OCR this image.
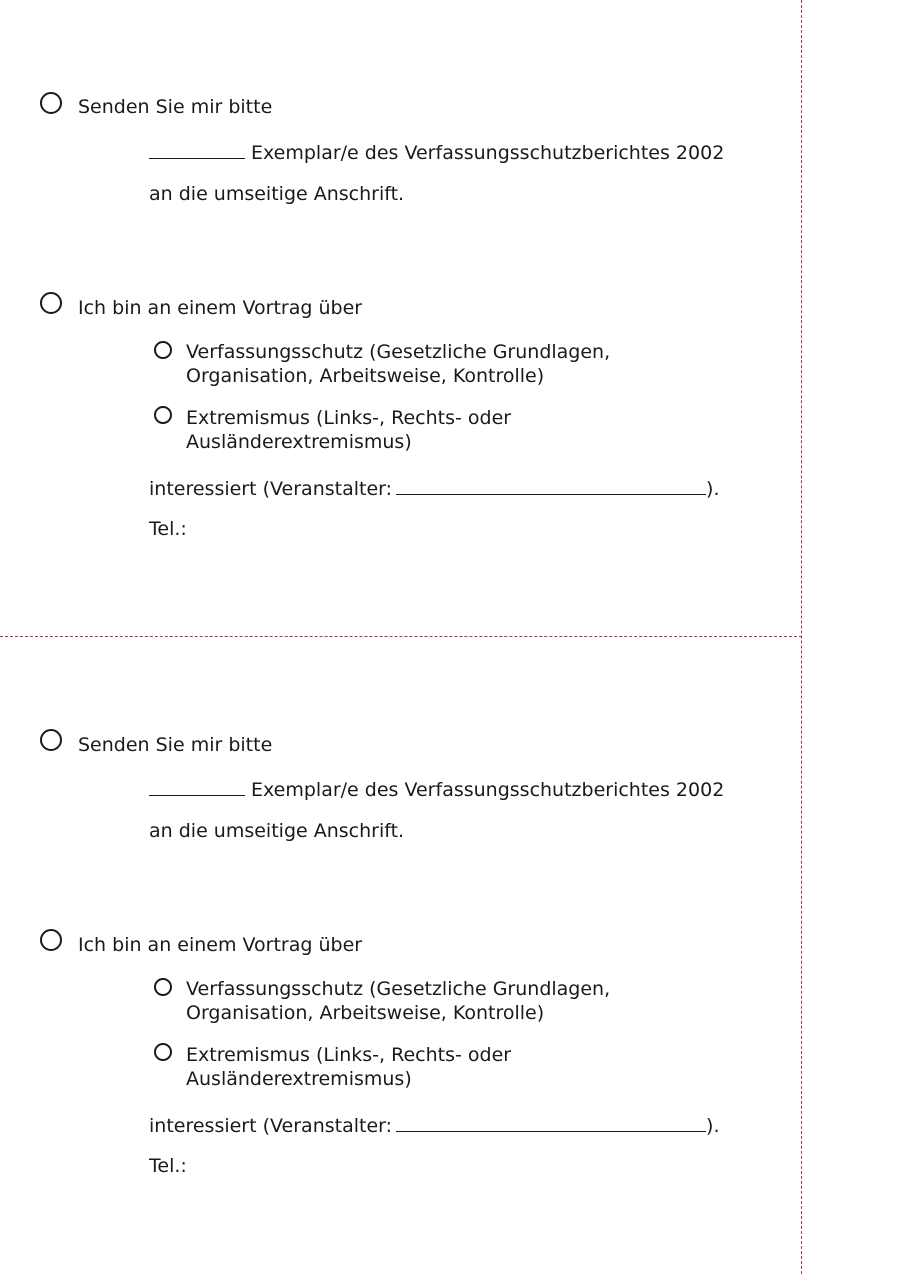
Senden Sie mir bitte
Exemplar/e des Verfassungsschutzberichtes 2002
an die umseitige Anschrift.
Ich bin an einem Vortrag über
Verfassungsschutz (Gesetzliche Grundlagen,
Organisation, Arbeitsweise, Kontrolle)
Extremismus (Links-, Rechts- oder
Ausländerextremismus)
interessiert (Veranstalter:	).
Tel.:
Senden Sie mir bitte
Exemplar/e des Verfassungsschutzberichtes 2002
an die umseitige Anschrift.
Ich bin an einem Vortrag über
Verfassungsschutz (Gesetzliche Grundlagen,
Organisation, Arbeitsweise, Kontrolle)
Extremismus (Links-, Rechts- oder
Ausländerextremismus)
interessiert (Veranstalter:	).
Tel.:
